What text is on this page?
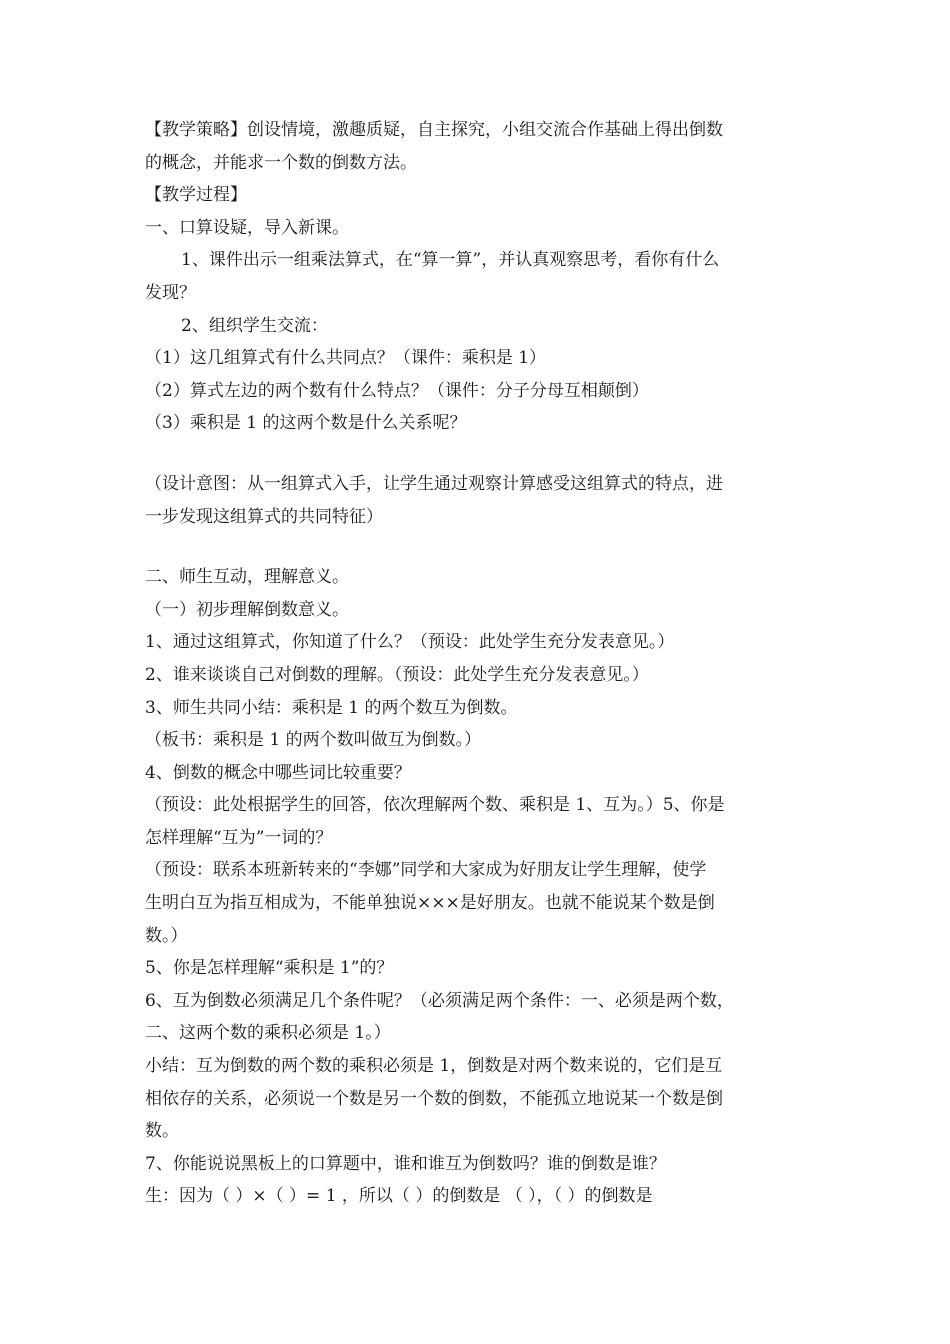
【教学策略】创设情境，激趣质疑，自主探究，小组交流合作基础上得出倒数
的概念，并能求一个数的倒数方法。
【教学过程】
一、口算设疑，导入新课。
1、课件出示一组乘法算式，在“算一算”，并认真观察思考，看你有什么
发现？
2、组织学生交流：
（1）这几组算式有什么共同点？（课件：乘积是 1）
（2）算式左边的两个数有什么特点？（课件：分子分母互相颠倒）
（3）乘积是 1 的这两个数是什么关系呢？
（设计意图：从一组算式入手，让学生通过观察计算感受这组算式的特点，进
一步发现这组算式的共同特征）
二、师生互动，理解意义。
（一）初步理解倒数意义。
1、通过这组算式，你知道了什么？（预设：此处学生充分发表意见。）
2、谁来谈谈自己对倒数的理解。（预设：此处学生充分发表意见。）
3、师生共同小结：乘积是 1 的两个数互为倒数。
（板书：乘积是 1 的两个数叫做互为倒数。）
4、倒数的概念中哪些词比较重要？
（预设：此处根据学生的回答，依次理解两个数、乘积是 1、互为。）5、你是
怎样理解“互为”一词的？
（预设：联系本班新转来的“李娜”同学和大家成为好朋友让学生理解，使学
生明白互为指互相成为，不能单独说×××是好朋友。也就不能说某个数是倒
数。）
5、你是怎样理解“乘积是 1”的？
6、互为倒数必须满足几个条件呢？（必须满足两个条件：一、必须是两个数，
二、这两个数的乘积必须是 1。）
小结：互为倒数的两个数的乘积必须是 1，倒数是对两个数来说的，它们是互
相依存的关系，必须说一个数是另一个数的倒数，不能孤立地说某一个数是倒
数。
7、你能说说黑板上的口算题中，谁和谁互为倒数吗？谁的倒数是谁？
生：因为（ ）×（ ）= 1 ，所以（ ）的倒数是 （ ），（ ）的倒数是
